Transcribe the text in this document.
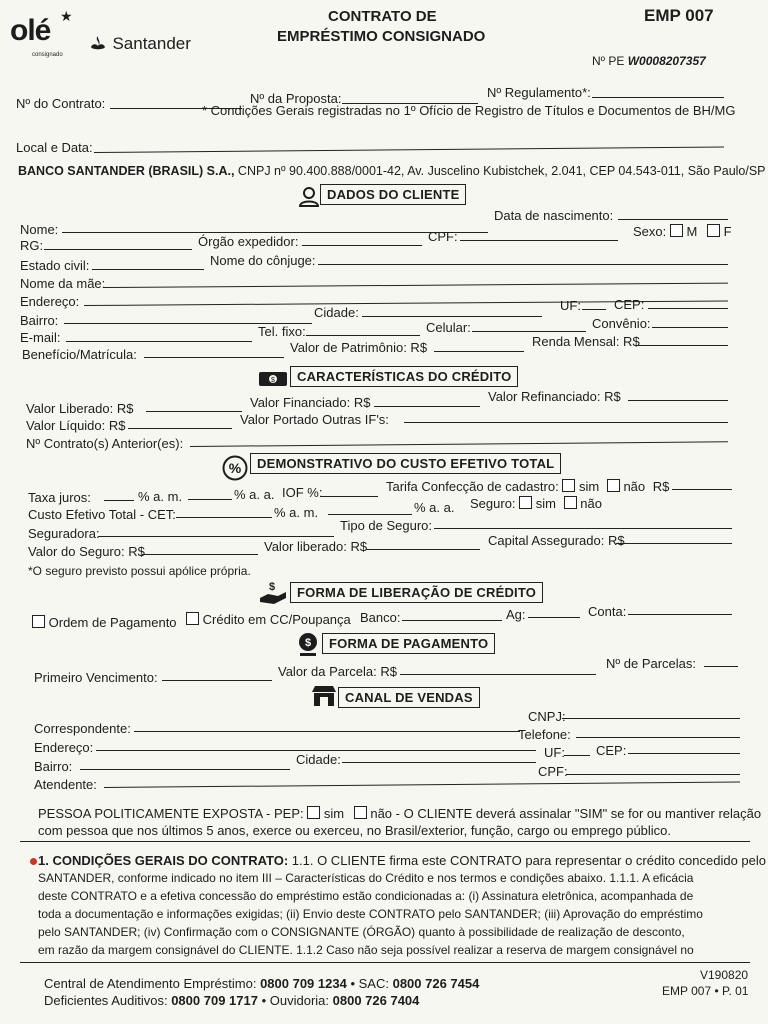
olé ★
consignado
Santander
CONTRATO DE
EMPRÉSTIMO CONSIGNADO
EMP 007
Nº PE W0008207357
Nº do Contrato:	Nº da Proposta:	Nº Regulamento*:
* Condições Gerais registradas no 1º Ofício de Registro de Títulos e Documentos de BH/MG
Local e Data:
BANCO SANTANDER (BRASIL) S.A., CNPJ nº 90.400.888/0001-42, Av. Juscelino Kubistchek, 2.041, CEP 04.543-011, São Paulo/SP
DADOS DO CLIENTE
Nome:
Data de nascimento:
RG:	Órgão expedidor:	CPF:	Sexo: M F
Estado civil:	Nome do cônjuge:
Nome da mãe:
Endereço:
Bairro:
Cidade:	UF:	CEP:
E-mail:	Tel. fixo:	Celular:	Convênio:
Benefício/Matrícula:	Valor de Patrimônio: R$	Renda Mensal: R$
$	CARACTERÍSTICAS DO CRÉDITO
Valor Liberado: R$	Valor Financiado: R$	Valor Refinanciado: R$
Valor Líquido: R$	Valor Portado Outras IF's:
Nº Contrato(s) Anterior(es):
%	DEMONSTRATIVO DO CUSTO EFETIVO TOTAL
Taxa juros:	% a. m.	% a. a. IOF %:	Tarifa Confecção de cadastro: sim não R$
Custo Efetivo Total - CET:	% a. m.	% a. a. Seguro: sim não
Seguradora:
Tipo de Seguro:
Valor do Seguro: R$	Valor liberado: R$	Capital Assegurado: R$
*O seguro previsto possui apólice própria.
$	FORMA DE LIBERAÇÃO DE CRÉDITO
Ordem de Pagamento	Crédito em CC/Poupança Banco:	Ag:	Conta:
$	FORMA DE PAGAMENTO
Primeiro Vencimento:	Valor da Parcela: R$
Nº de Parcelas:
CANAL DE VENDAS
Correspondente:
CNPJ:
Telefone:
Endereço:	UF: CEP:
Bairro:	Cidade:
CPF:
Atendente:
PESSOA POLITICAMENTE EXPOSTA - PEP: sim não - O CLIENTE deverá assinalar "SIM" se for ou mantiver relação
com pessoa que nos últimos 5 anos, exerce ou exerceu, no Brasil/exterior, função, cargo ou emprego público.
1. CONDIÇÕES GERAIS DO CONTRATO: 1.1. O CLIENTE firma este CONTRATO para representar o crédito concedido pelo
SANTANDER, conforme indicado no item III – Características do Crédito e nos termos e condições abaixo. 1.1.1. A eficácia
deste CONTRATO e a efetiva concessão do empréstimo estão condicionadas a: (i) Assinatura eletrônica, acompanhada de
toda a documentação e informações exigidas; (ii) Envio deste CONTRATO pelo SANTANDER; (iii) Aprovação do empréstimo
pelo SANTANDER; (iv) Confirmação com o CONSIGNANTE (ÓRGÃO) quanto à possibilidade de realização de desconto,
em razão da margem consignável do CLIENTE. 1.1.2 Caso não seja possível realizar a reserva de margem consignável no
Central de Atendimento Empréstimo: 0800 709 1234 • SAC: 0800 726 7454
Deficientes Auditivos: 0800 709 1717 • Ouvidoria: 0800 726 7404
V190820
EMP 007 • P. 01
